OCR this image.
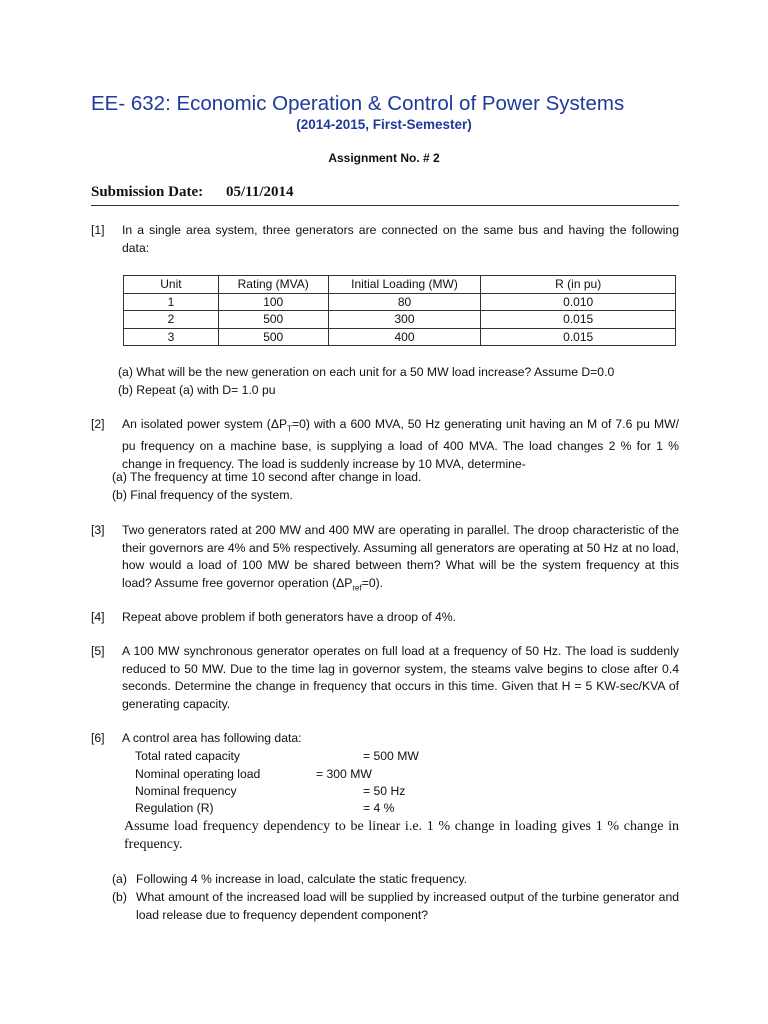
EE- 632: Economic Operation & Control of Power Systems
(2014-2015, First-Semester)
Assignment No. # 2
Submission Date: 05/11/2014
[1] In a single area system, three generators are connected on the same bus and having the following data:
Unit	Rating (MVA)	Initial Loading (MW)	R (in pu)
1	100	80	0.010
2	500	300	0.015
3	500	400	0.015
(a) What will be the new generation on each unit for a 50 MW load increase? Assume D=0.0
(b) Repeat (a) with D= 1.0 pu
[2] An isolated power system $(\Delta P_T=0)$ with a 600 MVA, 50 Hz generating unit having an M of 7.6 pu MW/ pu frequency on a machine base, is supplying a load of 400 MVA. The load changes 2 % for 1 % change in frequency. The load is suddenly increase by 10 MVA, determine-
(a) The frequency at time 10 second after change in load.
(b) Final frequency of the system.
[3] Two generators rated at 200 MW and 400 MW are operating in parallel. The droop characteristic of the their governors are 4% and 5% respectively. Assuming all generators are operating at 50 Hz at no load, how would a load of 100 MW be shared between them? What will be the system frequency at this load? Assume free governor operation $(\Delta P_{ref}=0)$.
[4] Repeat above problem if both generators have a droop of 4%.
[5] A 100 MW synchronous generator operates on full load at a frequency of 50 Hz. The load is suddenly reduced to 50 MW. Due to the time lag in governor system, the steams valve begins to close after 0.4 seconds. Determine the change in frequency that occurs in this time. Given that H = 5 KW-sec/KVA of generating capacity.
[6] A control area has following data:
Total rated capacity	= 500 MW
Nominal operating load	= 300 MW
Nominal frequency	= 50 Hz
Regulation (R)	= 4 %
Assume load frequency dependency to be linear i.e. 1 % change in loading gives 1 % change in frequency.
(a) Following 4 % increase in load, calculate the static frequency.
(b) What amount of the increased load will be supplied by increased output of the turbine generator and load release due to frequency dependent component?
